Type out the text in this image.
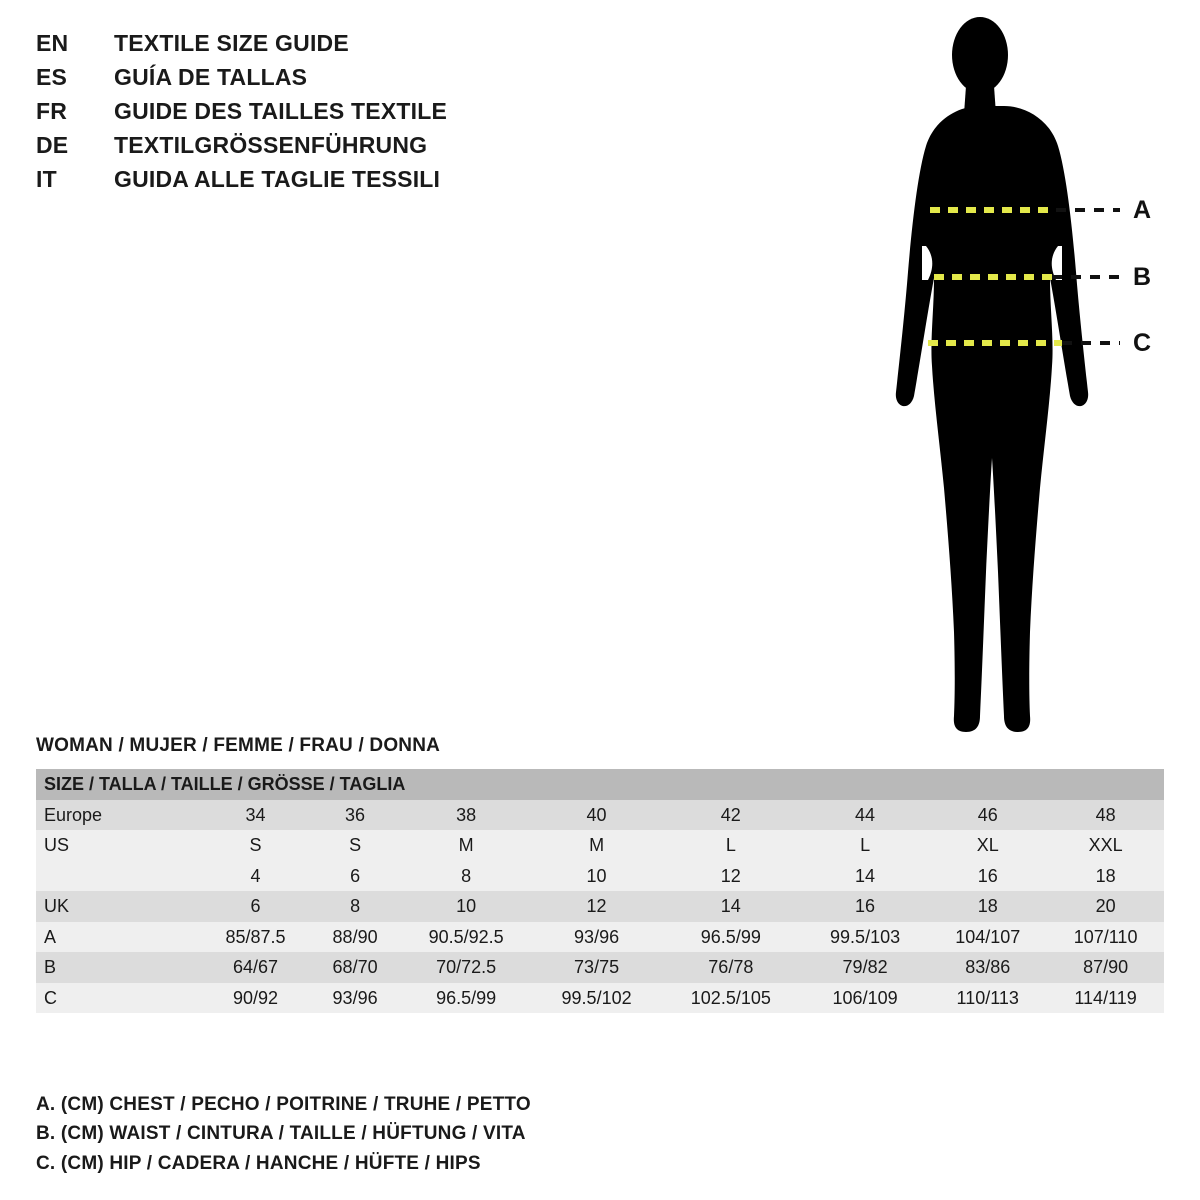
EN	TEXTILE SIZE GUIDE
ES	GUÍA DE TALLAS
FR	GUIDE DES TAILLES TEXTILE
DE	TEXTILGRÖSSENFÜHRUNG
IT	GUIDA ALLE TAGLIE TESSILI
A
B
C
WOMAN / MUJER / FEMME / FRAU / DONNA
SIZE / TALLA / TAILLE / GRÖSSE / TAGLIA								
Europe	34	36	38	40	42	44	46	48
US	S	S	M	M	L	L	XL	XXL
	4	6	8	10	12	14	16	18
UK	6	8	10	12	14	16	18	20
A	85/87.5	88/90	90.5/92.5	93/96	96.5/99	99.5/103	104/107	107/110
B	64/67	68/70	70/72.5	73/75	76/78	79/82	83/86	87/90
C	90/92	93/96	96.5/99	99.5/102	102.5/105	106/109	110/113	114/119
A. (CM) CHEST / PECHO / POITRINE / TRUHE / PETTO
B. (CM) WAIST / CINTURA / TAILLE / HÜFTUNG / VITA
C. (CM) HIP / CADERA / HANCHE / HÜFTE / HIPS
